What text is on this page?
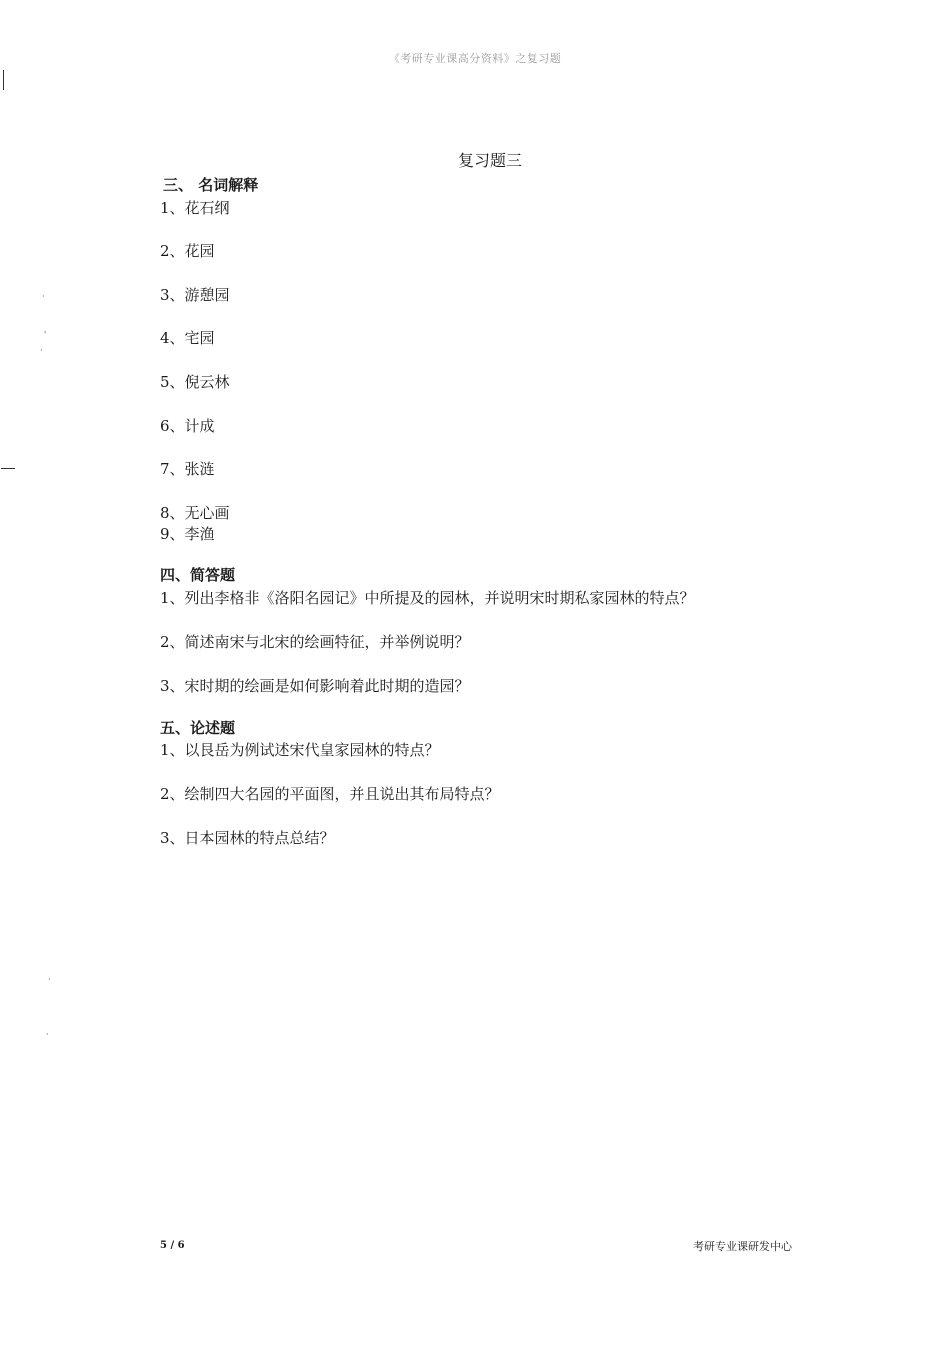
·
'
·
·
·
《考研专业课高分资料》之复习题
复习题三
三、 名词解释
1、花石纲
2、花园
3、游憩园
4、宅园
5、倪云林
6、计成
7、张涟
8、无心画
9、李渔
四、简答题
1、列出李格非《洛阳名园记》中所提及的园林，并说明宋时期私家园林的特点？
2、简述南宋与北宋的绘画特征，并举例说明？
3、宋时期的绘画是如何影响着此时期的造园？
五、论述题
1、以艮岳为例试述宋代皇家园林的特点？
2、绘制四大名园的平面图，并且说出其布局特点？
3、日本园林的特点总结？
5 / 6	考研专业课研发中心
